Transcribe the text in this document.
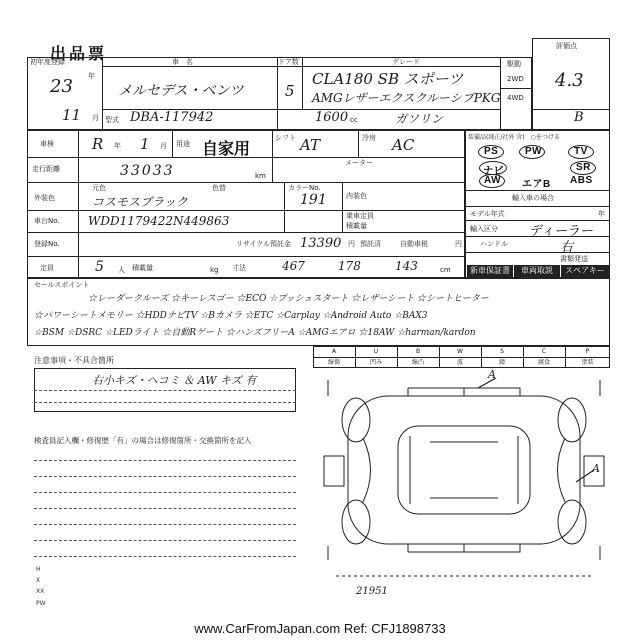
出品票
初年度登録
23 年
11 月
車　名
メルセデス・ベンツ
ドア数
5
グレード
CLA180 SB スポーツ
AMGレザーエクスクルーシブPKG
型式 DBA-117942	1600 cc	ガソリン
駆動
2WD
4WD
評価点
4.3
B
車検	R 年 1 月 用途 自家用
シフト AT	冷房 AC
走行距離	33033	km
メーター
外装色
元色	色替
コスモスブラック
カラーNo.
191	内装色
車台No. WDD1179422N449863	乗車定員
積載量
登録No.	リサイクル預託金 13390 円 預託済	自動車税	円
定員	5 人 積載量	kg 寸法	467	178	143	cm
装備品(純正/社外 含)　○をつける
PS	PW	TV
ナビ	SR
AW エアB ABS
輸入車の場合
モデル年式	年
輸入区分 ディーラー
ハンドル	右
書類発送
新車保証書	車両取説	スペアキー
セールスポイント
☆レーダークルーズ ☆キーレスゴー ☆ECO ☆プッシュスタート ☆レザーシート ☆シートヒーター
☆パワーシートメモリー ☆HDDナビTV ☆Bカメラ ☆ETC ☆Carplay ☆Android Auto ☆BAX3
☆BSM ☆DSRC ☆LEDライト ☆自動Rゲート ☆ハンズフリーA ☆AMGエアロ ☆18AW ☆harman/kardon
A	U	B	W	S	C	P
線傷	凹み	線凸	波	錆	腐食	塗装
注意事項・不具合箇所
右小キズ・ヘコミ ＆ AW キズ 有
検査員記入欄・修復歴「有」の場合は修復箇所・交換箇所を記入
H
X
XX
PW
A
A
21951
www.CarFromJapan.com Ref: CFJ1898733
